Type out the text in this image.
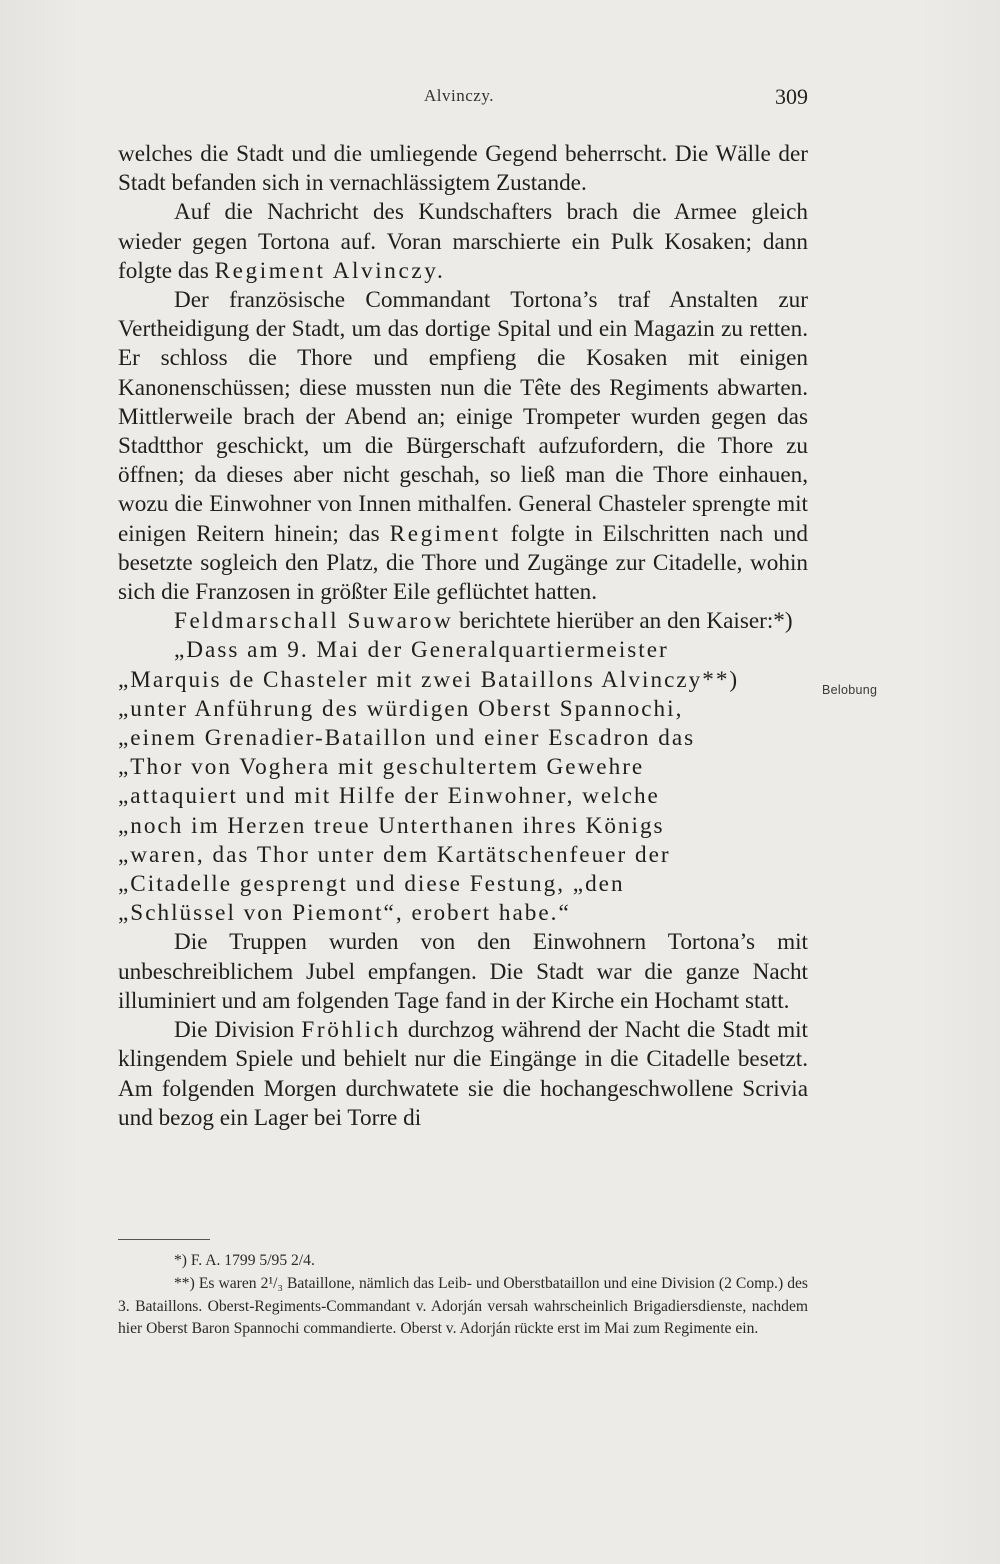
Alvinczy.	309

welches die Stadt und die umliegende Gegend beherrscht. Die Wälle der Stadt befanden sich in vernachlässigtem Zustande.

Auf die Nachricht des Kundschafters brach die Armee gleich wieder gegen Tortona auf. Voran marschierte ein Pulk Kosaken; dann folgte das Regiment Alvinczy.

Der französische Commandant Tortona’s traf Anstalten zur Vertheidigung der Stadt, um das dortige Spital und ein Magazin zu retten. Er schloss die Thore und empfieng die Kosaken mit einigen Kanonenschüssen; diese mussten nun die Tête des Regiments abwarten. Mittlerweile brach der Abend an; einige Trompeter wurden gegen das Stadtthor geschickt, um die Bürgerschaft aufzufordern, die Thore zu öffnen; da dieses aber nicht geschah, so ließ man die Thore einhauen, wozu die Einwohner von Innen mithalfen. General Chasteler sprengte mit einigen Reitern hinein; das Regiment folgte in Eilschritten nach und besetzte sogleich den Platz, die Thore und Zugänge zur Citadelle, wohin sich die Franzosen in größter Eile geflüchtet hatten.

Feldmarschall Suwarow berichtete hierüber an den Kaiser:*)

„Dass am 9. Mai der Generalquartiermeister

„Marquis de Chasteler mit zwei Bataillons Alvinczy**)

„unter Anführung des würdigen Oberst Spannochi,

„einem Grenadier-Bataillon und einer Escadron das

„Thor von Voghera mit geschultertem Gewehre

„attaquiert und mit Hilfe der Einwohner, welche

„noch im Herzen treue Unterthanen ihres Königs

„waren, das Thor unter dem Kartätschenfeuer der

„Citadelle gesprengt und diese Festung, „den

„Schlüssel von Piemont“, erobert habe.“

Die Truppen wurden von den Einwohnern Tortona’s mit unbeschreiblichem Jubel empfangen. Die Stadt war die ganze Nacht illuminiert und am folgenden Tage fand in der Kirche ein Hochamt statt.

Die Division Fröhlich durchzog während der Nacht die Stadt mit klingendem Spiele und behielt nur die Eingänge in die Citadelle besetzt. Am folgenden Morgen durchwatete sie die hochangeschwollene Scrivia und bezog ein Lager bei Torre di

Belobung

*) F. A. 1799 5/95 2/4.

**) Es waren 2¹/₃ Bataillone, nämlich das Leib- und Oberstbataillon und eine Division (2 Comp.) des 3. Bataillons. Oberst-Regiments-Commandant v. Adorján versah wahrscheinlich Brigadiersdienste, nachdem hier Oberst Baron Spannochi commandierte. Oberst v. Adorján rückte erst im Mai zum Regimente ein.
